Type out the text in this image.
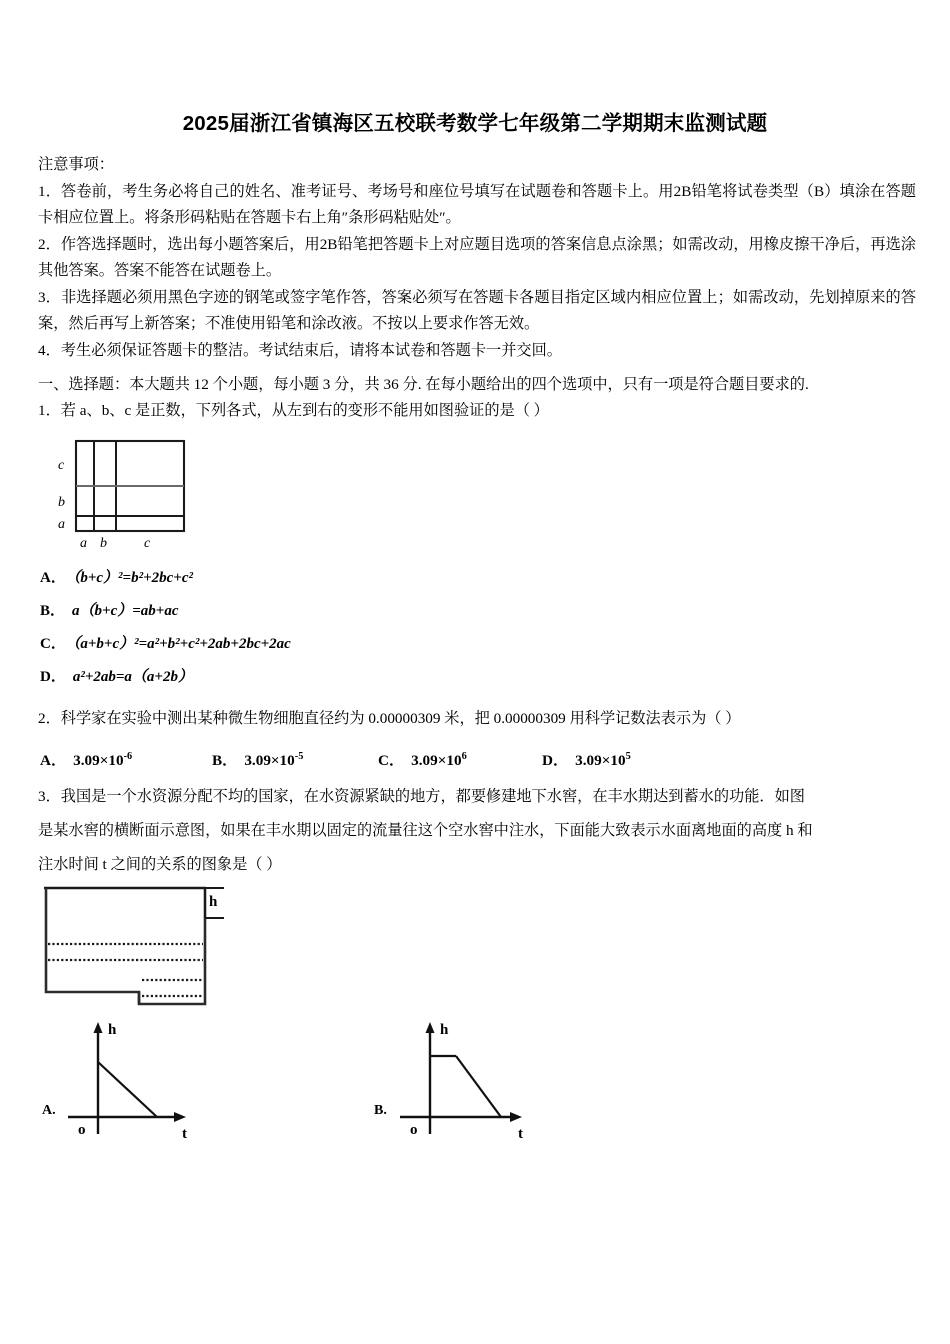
2025届浙江省镇海区五校联考数学七年级第二学期期末监测试题

注意事项：

1．答卷前，考生务必将自己的姓名、准考证号、考场号和座位号填写在试题卷和答题卡上。用2B铅笔将试卷类型（B）填涂在答题卡相应位置上。将条形码粘贴在答题卡右上角″条形码粘贴处″。

2．作答选择题时，选出每小题答案后，用2B铅笔把答题卡上对应题目选项的答案信息点涂黑；如需改动，用橡皮擦干净后，再选涂其他答案。答案不能答在试题卷上。

3．非选择题必须用黑色字迹的钢笔或签字笔作答，答案必须写在答题卡各题目指定区域内相应位置上；如需改动，先划掉原来的答案，然后再写上新答案；不准使用铅笔和涂改液。不按以上要求作答无效。

4．考生必须保证答题卡的整洁。考试结束后，请将本试卷和答题卡一并交回。

一、选择题：本大题共 12 个小题，每小题 3 分，共 36 分. 在每小题给出的四个选项中，只有一项是符合题目要求的.
1．若 a、b、c 是正数，下列各式，从左到右的变形不能用如图验证的是（ ）
c
b
a
a b	c
A． （b+c）²=b²+2bc+c²
B． a（b+c）=ab+ac
C． （a+b+c）²=a²+b²+c²+2ab+2bc+2ac
D． a²+2ab=a（a+2b）
2．科学家在实验中测出某种微生物细胞直径约为 0.00000309 米，把 0.00000309 用科学记数法表示为（ ）
A． $3.09\times 10^{-6}$	B． $3.09\times 10^{-5}$	C． $3.09\times 10^6$	D． $3.09\times 10^5$

3．我国是一个水资源分配不均的国家，在水资源紧缺的地方，都要修建地下水窖，在丰水期达到蓄水的功能．如图

是某水窖的横断面示意图，如果在丰水期以固定的流量往这个空水窖中注水，下面能大致表示水面离地面的高度 h 和

注水时间 t 之间的关系的图象是（ ）

h
A.
h
t
o
B.
h
t
o
